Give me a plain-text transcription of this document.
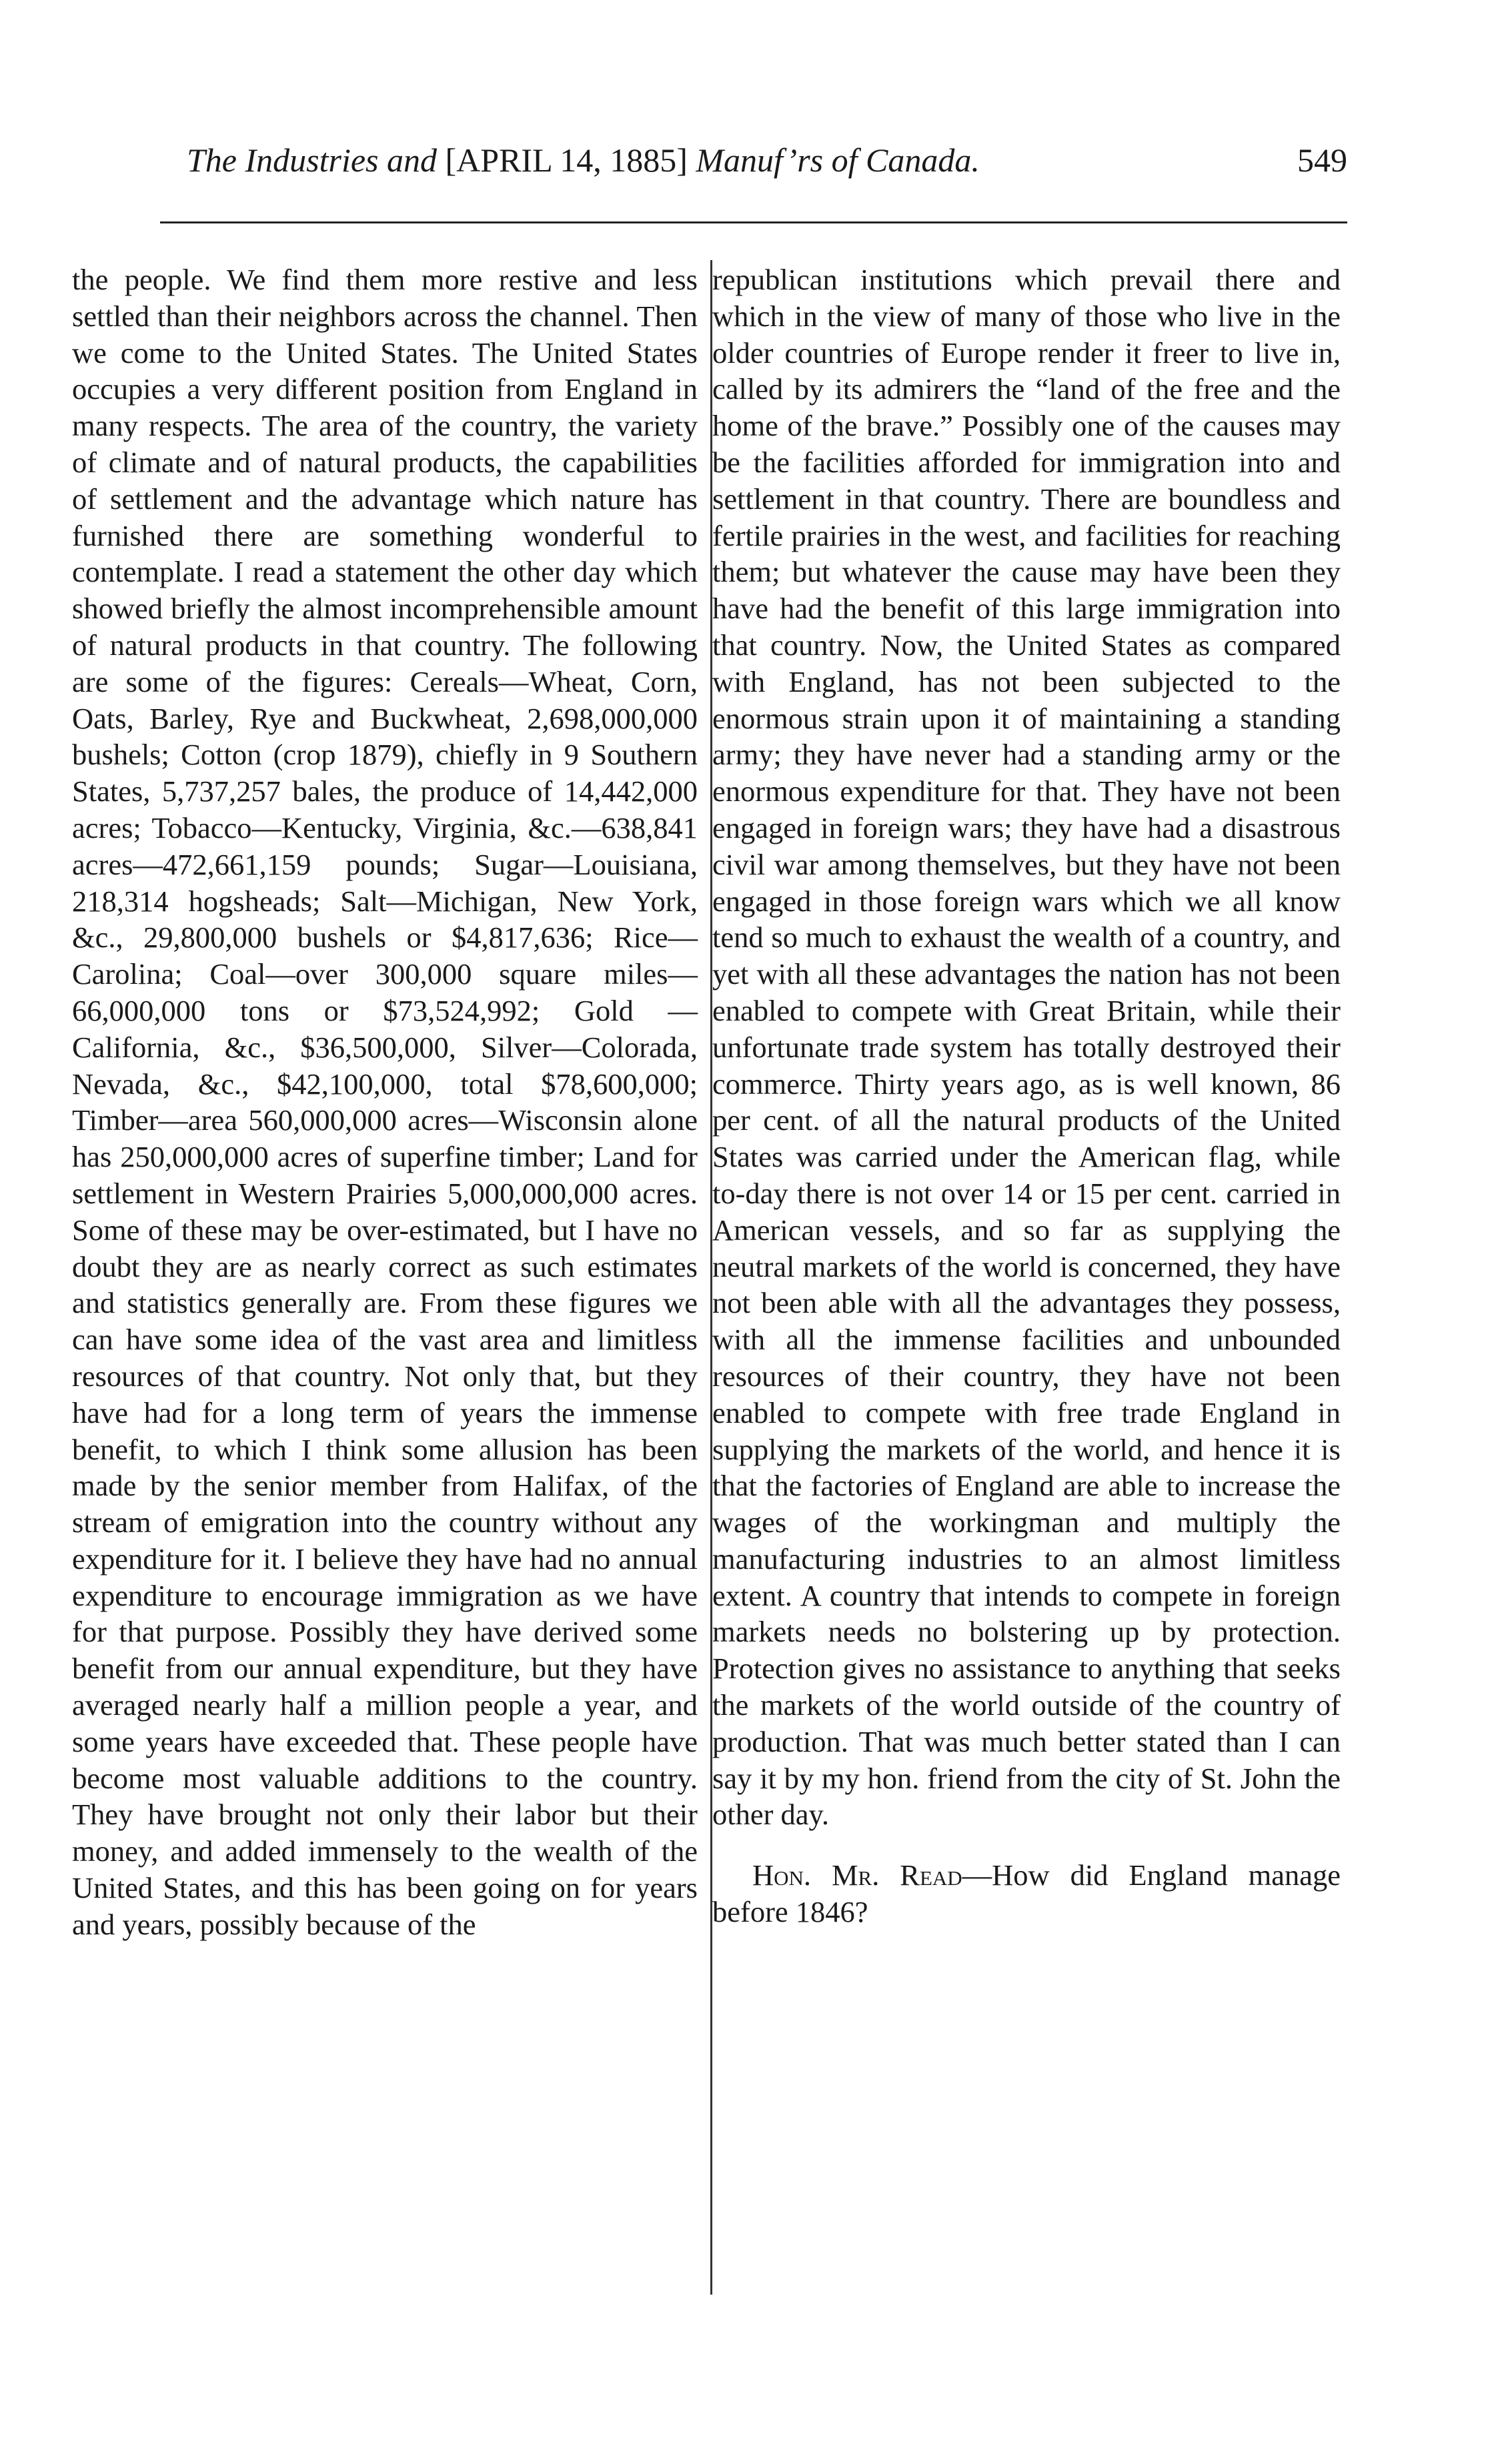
The Industries and [APRIL 14, 1885] Manuf’rs of Canada.	549

the people. We find them more restive and less settled than their neighbors across the channel. Then we come to the United States. The United States occupies a very different position from England in many respects. The area of the country, the variety of climate and of natural products, the capabilities of settlement and the advantage which nature has furnished there are something wonderful to contemplate. I read a statement the other day which showed briefly the almost incomprehensible amount of natural products in that country. The following are some of the figures: Cereals—Wheat, Corn, Oats, Barley, Rye and Buckwheat, 2,698,000,000 bushels; Cotton (crop 1879), chiefly in 9 Southern States, 5,737,257 bales, the produce of 14,442,000 acres; Tobacco—Kentucky, Virginia, &c.—638,841 acres—472,661,159 pounds; Sugar—Louisiana, 218,314 hogsheads; Salt—Michigan, New York, &c., 29,800,000 bushels or $4,817,636; Rice—Carolina; Coal—over 300,000 square miles—66,000,000 tons or $73,524,992; Gold — California, &c., $36,500,000, Silver—Colorada, Nevada, &c., $42,100,000, total $78,600,000; Timber—area 560,000,000 acres—Wisconsin alone has 250,000,000 acres of superfine timber; Land for settlement in Western Prairies 5,000,000,000 acres. Some of these may be over-estimated, but I have no doubt they are as nearly correct as such estimates and statistics generally are. From these figures we can have some idea of the vast area and limitless resources of that country. Not only that, but they have had for a long term of years the immense benefit, to which I think some allusion has been made by the senior member from Halifax, of the stream of emigration into the country without any expenditure for it. I believe they have had no annual expenditure to encourage immigration as we have for that purpose. Possibly they have derived some benefit from our annual expenditure, but they have averaged nearly half a million people a year, and some years have exceeded that. These people have become most valuable additions to the country. They have brought not only their labor but their money, and added immensely to the wealth of the United States, and this has been going on for years and years, possibly because of the

republican institutions which prevail there and which in the view of many of those who live in the older countries of Europe render it freer to live in, called by its admirers the “land of the free and the home of the brave.” Possibly one of the causes may be the facilities afforded for immigration into and settlement in that country. There are boundless and fertile prairies in the west, and facilities for reaching them; but whatever the cause may have been they have had the benefit of this large immigration into that country. Now, the United States as compared with England, has not been subjected to the enormous strain upon it of maintaining a standing army; they have never had a standing army or the enormous expenditure for that. They have not been engaged in foreign wars; they have had a disastrous civil war among themselves, but they have not been engaged in those foreign wars which we all know tend so much to exhaust the wealth of a country, and yet with all these advantages the nation has not been enabled to compete with Great Britain, while their unfortunate trade system has totally destroyed their commerce. Thirty years ago, as is well known, 86 per cent. of all the natural products of the United States was carried under the American flag, while to-day there is not over 14 or 15 per cent. carried in American vessels, and so far as supplying the neutral markets of the world is concerned, they have not been able with all the advantages they possess, with all the immense facilities and unbounded resources of their country, they have not been enabled to compete with free trade England in supplying the markets of the world, and hence it is that the factories of England are able to increase the wages of the workingman and multiply the manufacturing industries to an almost limitless extent. A country that intends to compete in foreign markets needs no bolstering up by protection. Protection gives no assistance to anything that seeks the markets of the world outside of the country of production. That was much better stated than I can say it by my hon. friend from the city of St. John the other day.

Hon. Mr. Read—How did England manage before 1846?
